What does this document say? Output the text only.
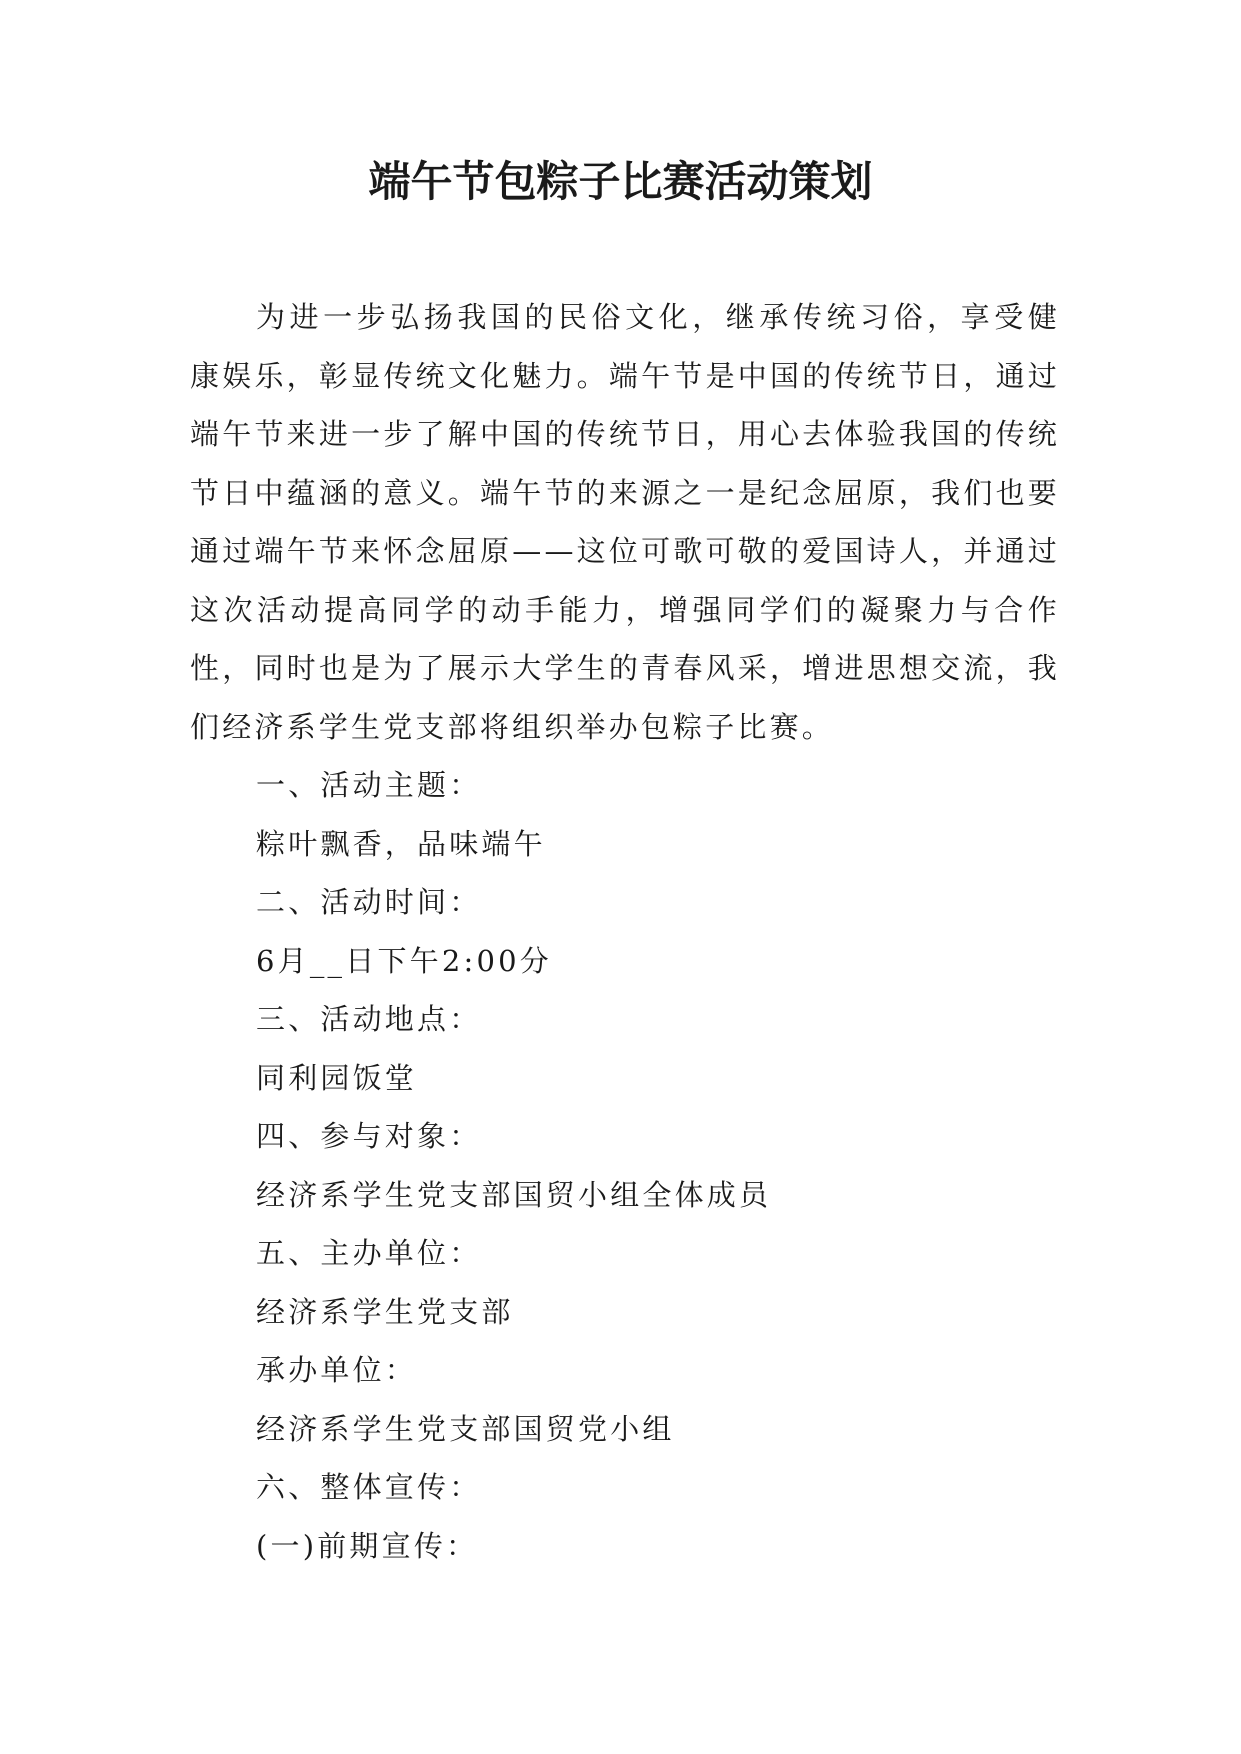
端午节包粽子比赛活动策划

为进一步弘扬我国的民俗文化，继承传统习俗，享受健康娱乐，彰显传统文化魅力。端午节是中国的传统节日，通过端午节来进一步了解中国的传统节日，用心去体验我国的传统节日中蕴涵的意义。端午节的来源之一是纪念屈原，我们也要通过端午节来怀念屈原——这位可歌可敬的爱国诗人，并通过这次活动提高同学的动手能力，增强同学们的凝聚力与合作性，同时也是为了展示大学生的青春风采，增进思想交流，我们经济系学生党支部将组织举办包粽子比赛。

一、活动主题：

粽叶飘香，品味端午

二、活动时间：

6月__日下午2:00分

三、活动地点：

同利园饭堂

四、参与对象：

经济系学生党支部国贸小组全体成员

五、主办单位：

经济系学生党支部

承办单位：

经济系学生党支部国贸党小组

六、整体宣传：

(一)前期宣传：
